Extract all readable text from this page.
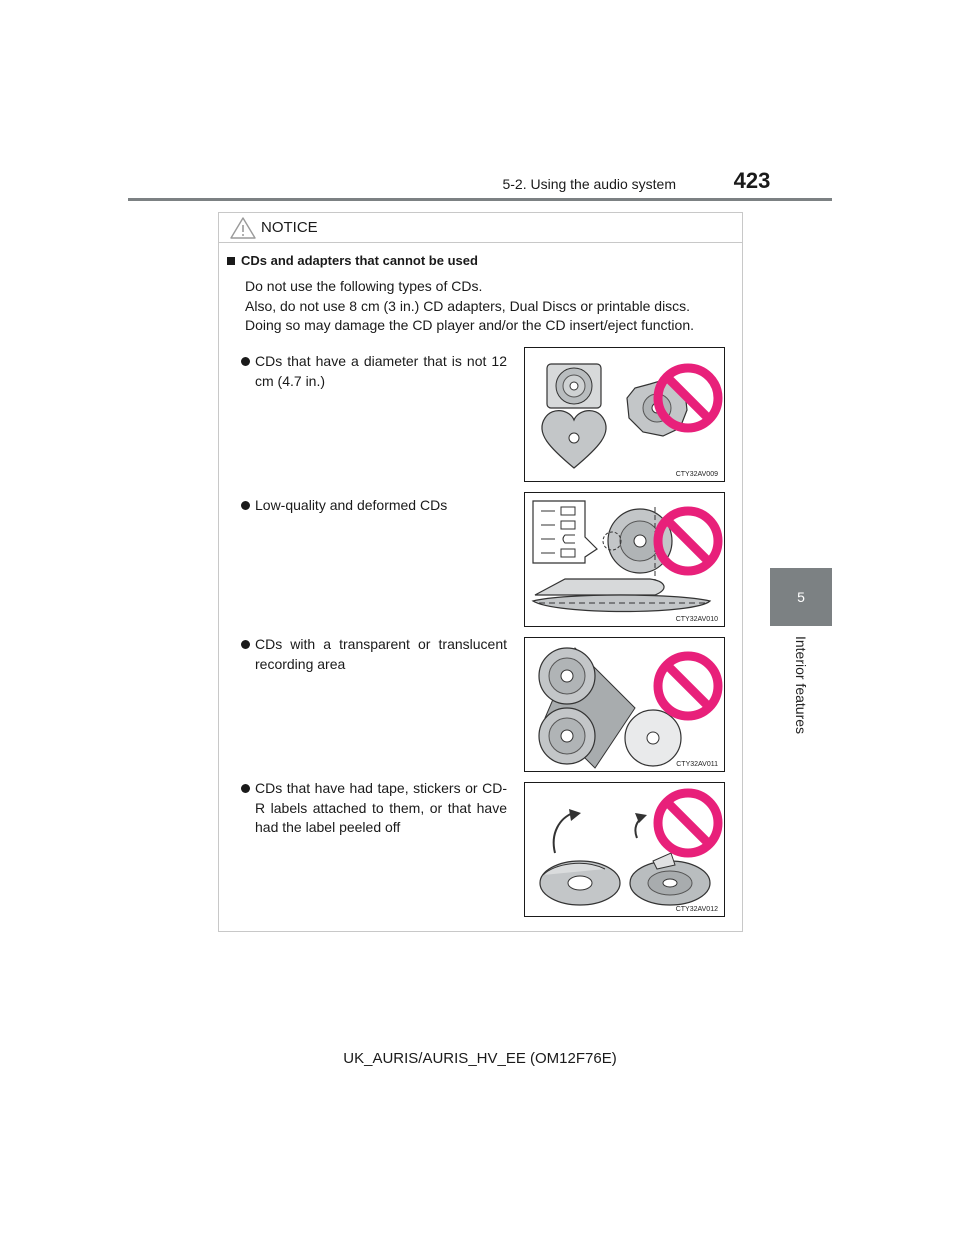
5-2. Using the audio system	423
5
Interior features
NOTICE
CDs and adapters that cannot be used
Do not use the following types of CDs.
Also, do not use 8 cm (3 in.) CD adapters, Dual Discs or printable discs.
Doing so may damage the CD player and/or the CD insert/eject function.
CDs that have a diameter that is not 12 cm (4.7 in.)
CTY32AV009
Low-quality and deformed CDs
CTY32AV010
CDs with a transparent or translucent recording area
CTY32AV011
CDs that have had tape, stickers or CD-R labels attached to them, or that have had the label peeled off
CTY32AV012
UK_AURIS/AURIS_HV_EE (OM12F76E)
